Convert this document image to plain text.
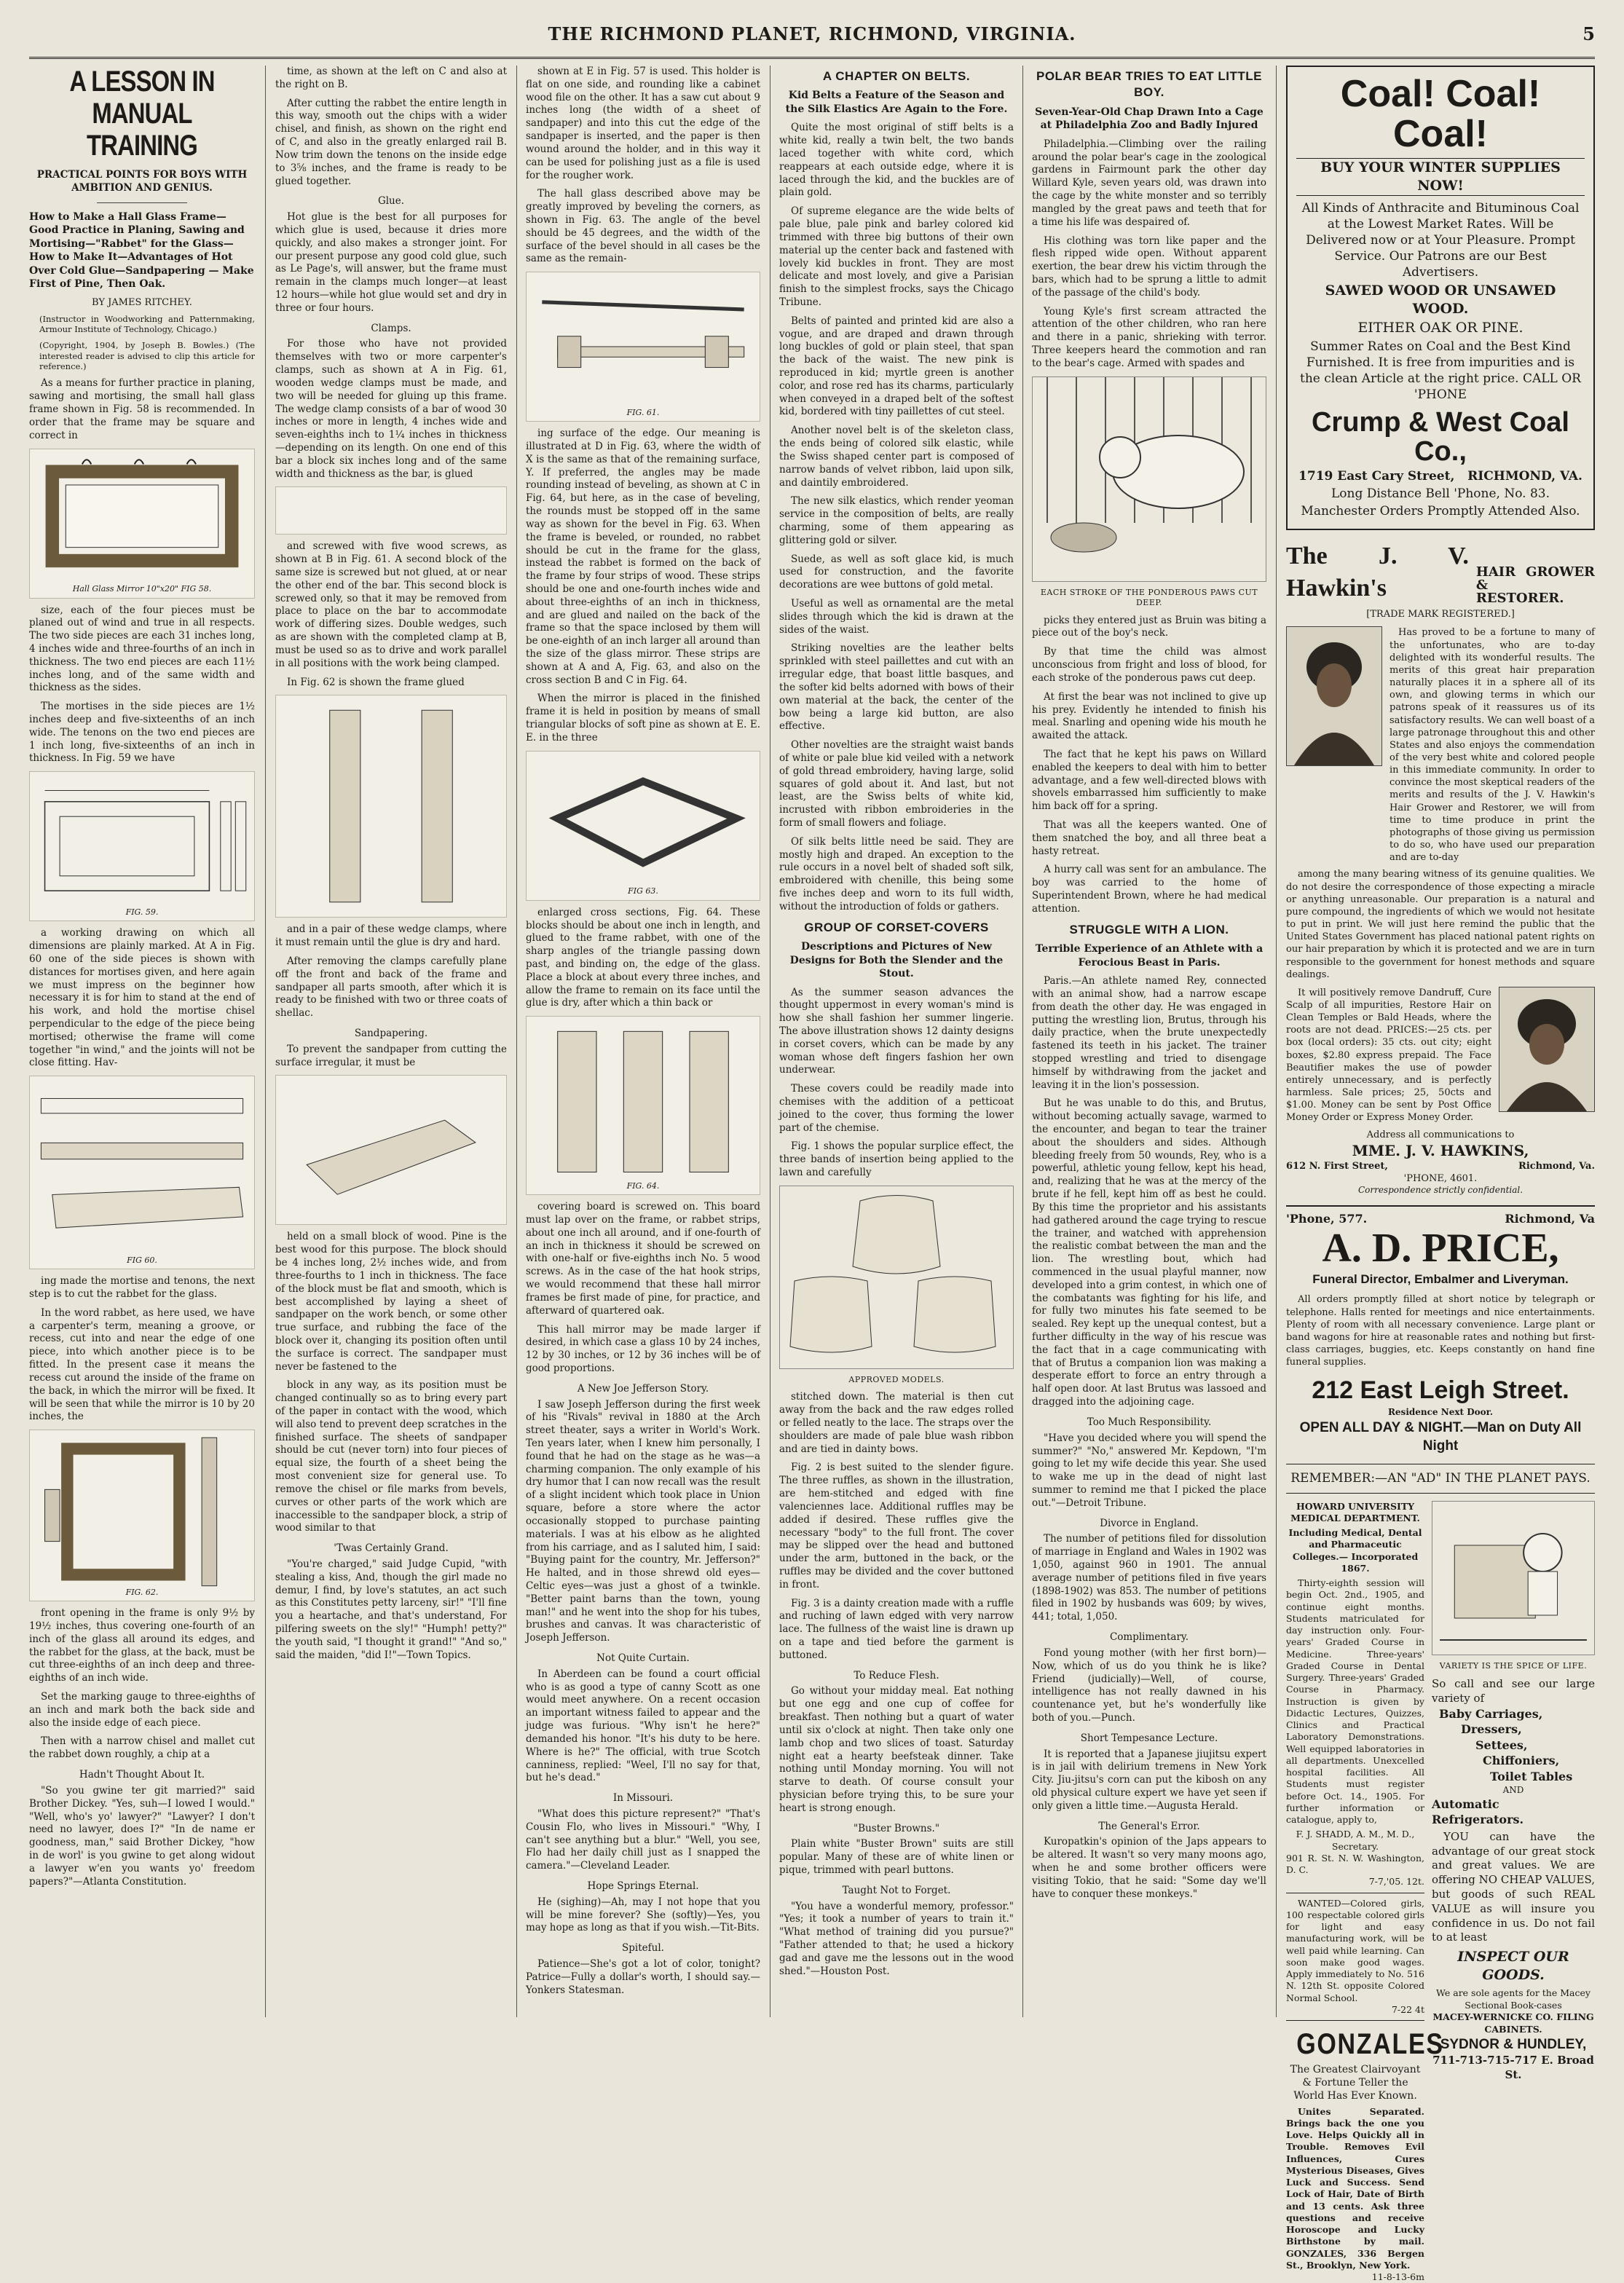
THE RICHMOND PLANET, RICHMOND, VIRGINIA.	5
A LESSON IN MANUAL TRAINING
PRACTICAL POINTS FOR BOYS WITH AMBITION AND GENIUS.
How to Make a Hall Glass Frame—Good Practice in Planing, Sawing and Mortising—"Rabbet" for the Glass—How to Make It—Advantages of Hot Over Cold Glue—Sandpapering — Make First of Pine, Then Oak.
BY JAMES RITCHEY.
(Instructor in Woodworking and Patternmaking, Armour Institute of Technology, Chicago.)
(Copyright, 1904, by Joseph B. Bowles.) (The interested reader is advised to clip this article for reference.)

As a means for further practice in planing, sawing and mortising, the small hall glass frame shown in Fig. 58 is recommended. In order that the frame may be square and correct in

Hall Glass Mirror 10"x20" FIG 58.

size, each of the four pieces must be planed out of wind and true in all respects. The two side pieces are each 31 inches long, 4 inches wide and three-fourths of an inch in thickness. The two end pieces are each 11½ inches long, and of the same width and thickness as the sides.

The mortises in the side pieces are 1½ inches deep and five-sixteenths of an inch wide. The tenons on the two end pieces are 1 inch long, five-sixteenths of an inch in thickness. In Fig. 59 we have

FIG. 59.

a working drawing on which all dimensions are plainly marked. At A in Fig. 60 one of the side pieces is shown with distances for mortises given, and here again we must impress on the beginner how necessary it is for him to stand at the end of his work, and hold the mortise chisel perpendicular to the edge of the piece being mortised; otherwise the frame will come together "in wind," and the joints will not be close fitting. Hav-

FIG 60.

ing made the mortise and tenons, the next step is to cut the rabbet for the glass.

In the word rabbet, as here used, we have a carpenter's term, meaning a groove, or recess, cut into and near the edge of one piece, into which another piece is to be fitted. In the present case it means the recess cut around the inside of the frame on the back, in which the mirror will be fixed. It will be seen that while the mirror is 10 by 20 inches, the

FIG. 62.

front opening in the frame is only 9½ by 19½ inches, thus covering one-fourth of an inch of the glass all around its edges, and the rabbet for the glass, at the back, must be cut three-eighths of an inch deep and three-eighths of an inch wide.

Set the marking gauge to three-eighths of an inch and mark both the back side and also the inside edge of each piece.

Then with a narrow chisel and mallet cut the rabbet down roughly, a chip at a

Hadn't Thought About It.

"So you gwine ter git married?" said Brother Dickey. "Yes, suh—I lowed I would." "Well, who's yo' lawyer?" "Lawyer? I don't need no lawyer, does I?" "In de name er goodness, man," said Brother Dickey, "how in de worl' is you gwine to get along widout a lawyer w'en you wants yo' freedom papers?"—Atlanta Constitution.

time, as shown at the left on C and also at the right on B.

After cutting the rabbet the entire length in this way, smooth out the chips with a wider chisel, and finish, as shown on the right end of C, and also in the greatly enlarged rail B. Now trim down the tenons on the inside edge to 3⅝ inches, and the frame is ready to be glued together.

Glue.

Hot glue is the best for all purposes for which glue is used, because it dries more quickly, and also makes a stronger joint. For our present purpose any good cold glue, such as Le Page's, will answer, but the frame must remain in the clamps much longer—at least 12 hours—while hot glue would set and dry in three or four hours.

Clamps.

For those who have not provided themselves with two or more carpenter's clamps, such as shown at A in Fig. 61, wooden wedge clamps must be made, and two will be needed for gluing up this frame. The wedge clamp consists of a bar of wood 30 inches or more in length, 4 inches wide and seven-eighths inch to 1¼ inches in thickness—depending on its length. On one end of this bar a block six inches long and of the same width and thickness as the bar, is glued

and screwed with five wood screws, as shown at B in Fig. 61. A second block of the same size is screwed but not glued, at or near the other end of the bar. This second block is screwed only, so that it may be removed from place to place on the bar to accommodate work of differing sizes. Double wedges, such as are shown with the completed clamp at B, must be used so as to drive and work parallel in all positions with the work being clamped.

In Fig. 62 is shown the frame glued

and in a pair of these wedge clamps, where it must remain until the glue is dry and hard.

After removing the clamps carefully plane off the front and back of the frame and sandpaper all parts smooth, after which it is ready to be finished with two or three coats of shellac.

Sandpapering.

To prevent the sandpaper from cutting the surface irregular, it must be

held on a small block of wood. Pine is the best wood for this purpose. The block should be 4 inches long, 2½ inches wide, and from three-fourths to 1 inch in thickness. The face of the block must be flat and smooth, which is best accomplished by laying a sheet of sandpaper on the work bench, or some other true surface, and rubbing the face of the block over it, changing its position often until the surface is correct. The sandpaper must never be fastened to the

block in any way, as its position must be changed continually so as to bring every part of the paper in contact with the wood, which will also tend to prevent deep scratches in the finished surface. The sheets of sandpaper should be cut (never torn) into four pieces of equal size, the fourth of a sheet being the most convenient size for general use. To remove the chisel or file marks from bevels, curves or other parts of the work which are inaccessible to the sandpaper block, a strip of wood similar to that

'Twas Certainly Grand.

"You're charged," said Judge Cupid, "with stealing a kiss, And, though the girl made no demur, I find, by love's statutes, an act such as this Constitutes petty larceny, sir!" "I'll fine you a heartache, and that's understand, For pilfering sweets on the sly!" "Humph! petty?" the youth said, "I thought it grand!" "And so," said the maiden, "did I!"—Town Topics.

shown at E in Fig. 57 is used. This holder is flat on one side, and rounding like a cabinet wood file on the other. It has a saw cut about 9 inches long (the width of a sheet of sandpaper) and into this cut the edge of the sandpaper is inserted, and the paper is then wound around the holder, and in this way it can be used for polishing just as a file is used for the rougher work.

The hall glass described above may be greatly improved by beveling the corners, as shown in Fig. 63. The angle of the bevel should be 45 degrees, and the width of the surface of the bevel should in all cases be the same as the remain-

FIG. 61.

ing surface of the edge. Our meaning is illustrated at D in Fig. 63, where the width of X is the same as that of the remaining surface, Y. If preferred, the angles may be made rounding instead of beveling, as shown at C in Fig. 64, but here, as in the case of beveling, the rounds must be stopped off in the same way as shown for the bevel in Fig. 63. When the frame is beveled, or rounded, no rabbet should be cut in the frame for the glass, instead the rabbet is formed on the back of the frame by four strips of wood. These strips should be one and one-fourth inches wide and about three-eighths of an inch in thickness, and are glued and nailed on the back of the frame so that the space inclosed by them will be one-eighth of an inch larger all around than the size of the glass mirror. These strips are shown at A and A, Fig. 63, and also on the cross section B and C in Fig. 64.

When the mirror is placed in the finished frame it is held in position by means of small triangular blocks of soft pine as shown at E. E. E. in the three

FIG 63.

enlarged cross sections, Fig. 64. These blocks should be about one inch in length, and glued to the frame rabbet, with one of the sharp angles of the triangle passing down past, and binding on, the edge of the glass. Place a block at about every three inches, and allow the frame to remain on its face until the glue is dry, after which a thin back or

FIG. 64.

covering board is screwed on. This board must lap over on the frame, or rabbet strips, about one inch all around, and if one-fourth of an inch in thickness it should be screwed on with one-half or five-eighths inch No. 5 wood screws. As in the case of the hat hook strips, we would recommend that these hall mirror frames be first made of pine, for practice, and afterward of quartered oak.

This hall mirror may be made larger if desired, in which case a glass 10 by 24 inches, 12 by 30 inches, or 12 by 36 inches will be of good proportions.

A New Joe Jefferson Story.

I saw Joseph Jefferson during the first week of his "Rivals" revival in 1880 at the Arch street theater, says a writer in World's Work. Ten years later, when I knew him personally, I found that he had on the stage as he was—a charming companion. The only example of his dry humor that I can now recall was the result of a slight incident which took place in Union square, before a store where the actor occasionally stopped to purchase painting materials. I was at his elbow as he alighted from his carriage, and as I saluted him, I said: "Buying paint for the country, Mr. Jefferson?" He halted, and in those shrewd old eyes—Celtic eyes—was just a ghost of a twinkle. "Better paint barns than the town, young man!" and he went into the shop for his tubes, brushes and canvas. It was characteristic of Joseph Jefferson.

Not Quite Curtain.

In Aberdeen can be found a court official who is as good a type of canny Scott as one would meet anywhere. On a recent occasion an important witness failed to appear and the judge was furious. "Why isn't he here?" demanded his honor. "It's his duty to be here. Where is he?" The official, with true Scotch canniness, replied: "Weel, I'll no say for that, but he's dead."

In Missouri.

"What does this picture represent?" "That's Cousin Flo, who lives in Missouri." "Why, I can't see anything but a blur." "Well, you see, Flo had her daily chill just as I snapped the camera."—Cleveland Leader.

Hope Springs Eternal.

He (sighing)—Ah, may I not hope that you will be mine forever? She (softly)—Yes, you may hope as long as that if you wish.—Tit-Bits.

Spiteful.

Patience—She's got a lot of color, tonight? Patrice—Fully a dollar's worth, I should say.—Yonkers Statesman.

A CHAPTER ON BELTS.
Kid Belts a Feature of the Season and the Silk Elastics Are Again to the Fore.

Quite the most original of stiff belts is a white kid, really a twin belt, the two bands laced together with white cord, which reappears at each outside edge, where it is laced through the kid, and the buckles are of plain gold.

Of supreme elegance are the wide belts of pale blue, pale pink and barley colored kid trimmed with three big buttons of their own material up the center back and fastened with lovely kid buckles in front. They are most delicate and most lovely, and give a Parisian finish to the simplest frocks, says the Chicago Tribune.

Belts of painted and printed kid are also a vogue, and are draped and drawn through long buckles of gold or plain steel, that span the back of the waist. The new pink is reproduced in kid; myrtle green is another color, and rose red has its charms, particularly when conveyed in a draped belt of the softest kid, bordered with tiny paillettes of cut steel.

Another novel belt is of the skeleton class, the ends being of colored silk elastic, while the Swiss shaped center part is composed of narrow bands of velvet ribbon, laid upon silk, and daintily embroidered.

The new silk elastics, which render yeoman service in the composition of belts, are really charming, some of them appearing as glittering gold or silver.

Suede, as well as soft glace kid, is much used for construction, and the favorite decorations are wee buttons of gold metal.

Useful as well as ornamental are the metal slides through which the kid is drawn at the sides of the waist.

Striking novelties are the leather belts sprinkled with steel paillettes and cut with an irregular edge, that boast little basques, and the softer kid belts adorned with bows of their own material at the back, the center of the bow being a large kid button, are also effective.

Other novelties are the straight waist bands of white or pale blue kid veiled with a network of gold thread embroidery, having large, solid squares of gold about it. And last, but not least, are the Swiss belts of white kid, incrusted with ribbon embroideries in the form of small flowers and foliage.

Of silk belts little need be said. They are mostly high and draped. An exception to the rule occurs in a novel belt of shaded soft silk, embroidered with chenille, this being some five inches deep and worn to its full width, without the introduction of folds or gathers.

GROUP OF CORSET-COVERS
Descriptions and Pictures of New Designs for Both the Slender and the Stout.

As the summer season advances the thought uppermost in every woman's mind is how she shall fashion her summer lingerie. The above illustration shows 12 dainty designs in corset covers, which can be made by any woman whose deft fingers fashion her own underwear.

These covers could be readily made into chemises with the addition of a petticoat joined to the cover, thus forming the lower part of the chemise.

Fig. 1 shows the popular surplice effect, the three bands of insertion being applied to the lawn and carefully

APPROVED MODELS.

stitched down. The material is then cut away from the back and the raw edges rolled or felled neatly to the lace. The straps over the shoulders are made of pale blue wash ribbon and are tied in dainty bows.

Fig. 2 is best suited to the slender figure. The three ruffles, as shown in the illustration, are hem-stitched and edged with fine valenciennes lace. Additional ruffles may be added if desired. These ruffles give the necessary "body" to the full front. The cover may be slipped over the head and buttoned under the arm, buttoned in the back, or the ruffles may be divided and the cover buttoned in front.

Fig. 3 is a dainty creation made with a ruffle and ruching of lawn edged with very narrow lace. The fullness of the waist line is drawn up on a tape and tied before the garment is buttoned.

To Reduce Flesh.

Go without your midday meal. Eat nothing but one egg and one cup of coffee for breakfast. Then nothing but a quart of water until six o'clock at night. Then take only one lamb chop and two slices of toast. Saturday night eat a hearty beefsteak dinner. Take nothing until Monday morning. You will not starve to death. Of course consult your physician before trying this, to be sure your heart is strong enough.

"Buster Browns."

Plain white "Buster Brown" suits are still popular. Many of these are of white linen or pique, trimmed with pearl buttons.

Taught Not to Forget.

"You have a wonderful memory, professor." "Yes; it took a number of years to train it." "What method of training did you pursue?" "Father attended to that; he used a hickory gad and gave me the lessons out in the wood shed."—Houston Post.

POLAR BEAR TRIES TO EAT LITTLE BOY.
Seven-Year-Old Chap Drawn Into a Cage at Philadelphia Zoo and Badly Injured

Philadelphia.—Climbing over the railing around the polar bear's cage in the zoological gardens in Fairmount park the other day Willard Kyle, seven years old, was drawn into the cage by the white monster and so terribly mangled by the great paws and teeth that for a time his life was despaired of.

His clothing was torn like paper and the flesh ripped wide open. Without apparent exertion, the bear drew his victim through the bars, which had to be sprung a little to admit of the passage of the child's body.

Young Kyle's first scream attracted the attention of the other children, who ran here and there in a panic, shrieking with terror. Three keepers heard the commotion and ran to the bear's cage. Armed with spades and

EACH STROKE OF THE PONDEROUS PAWS CUT DEEP.

picks they entered just as Bruin was biting a piece out of the boy's neck.

By that time the child was almost unconscious from fright and loss of blood, for each stroke of the ponderous paws cut deep.

At first the bear was not inclined to give up his prey. Evidently he intended to finish his meal. Snarling and opening wide his mouth he awaited the attack.

The fact that he kept his paws on Willard enabled the keepers to deal with him to better advantage, and a few well-directed blows with shovels embarrassed him sufficiently to make him back off for a spring.

That was all the keepers wanted. One of them snatched the boy, and all three beat a hasty retreat.

A hurry call was sent for an ambulance. The boy was carried to the home of Superintendent Brown, where he had medical attention.

STRUGGLE WITH A LION.
Terrible Experience of an Athlete with a Ferocious Beast in Paris.

Paris.—An athlete named Rey, connected with an animal show, had a narrow escape from death the other day. He was engaged in putting the wrestling lion, Brutus, through his daily practice, when the brute unexpectedly fastened its teeth in his jacket. The trainer stopped wrestling and tried to disengage himself by withdrawing from the jacket and leaving it in the lion's possession.

But he was unable to do this, and Brutus, without becoming actually savage, warmed to the encounter, and began to tear the trainer about the shoulders and sides. Although bleeding freely from 50 wounds, Rey, who is a powerful, athletic young fellow, kept his head, and, realizing that he was at the mercy of the brute if he fell, kept him off as best he could. By this time the proprietor and his assistants had gathered around the cage trying to rescue the trainer, and watched with apprehension the realistic combat between the man and the lion. The wrestling bout, which had commenced in the usual playful manner, now developed into a grim contest, in which one of the combatants was fighting for his life, and for fully two minutes his fate seemed to be sealed. Rey kept up the unequal contest, but a further difficulty in the way of his rescue was the fact that in a cage communicating with that of Brutus a companion lion was making a desperate effort to force an entry through a half open door. At last Brutus was lassoed and dragged into the adjoining cage.

Too Much Responsibility.

"Have you decided where you will spend the summer?" "No," answered Mr. Kepdown, "I'm going to let my wife decide this year. She used to wake me up in the dead of night last summer to remind me that I picked the place out."—Detroit Tribune.

Divorce in England.

The number of petitions filed for dissolution of marriage in England and Wales in 1902 was 1,050, against 960 in 1901. The annual average number of petitions filed in five years (1898-1902) was 853. The number of petitions filed in 1902 by husbands was 609; by wives, 441; total, 1,050.

Complimentary.

Fond young mother (with her first born)—Now, which of us do you think he is like? Friend (judicially)—Well, of course, intelligence has not really dawned in his countenance yet, but he's wonderfully like both of you.—Punch.

Short Tempesance Lecture.

It is reported that a Japanese jiujitsu expert is in jail with delirium tremens in New York City. Jiu-jitsu's corn can put the kibosh on any old physical culture expert we have yet seen if only given a little time.—Augusta Herald.

The General's Error.

Kuropatkin's opinion of the Japs appears to be altered. It wasn't so very many moons ago, when he and some brother officers were visiting Tokio, that he said: "Some day we'll have to conquer these monkeys."

Coal! Coal! Coal!

BUY YOUR WINTER SUPPLIES NOW!

All Kinds of Anthracite and Bituminous Coal at the Lowest Market Rates. Will be Delivered now or at Your Pleasure. Prompt Service. Our Patrons are our Best Advertisers.

SAWED WOOD OR UNSAWED WOOD.

EITHER OAK OR PINE.

Summer Rates on Coal and the Best Kind Furnished. It is free from impurities and is the clean Article at the right price. CALL OR 'PHONE

Crump & West Coal Co.,

1719 East Cary Street, RICHMOND, VA.

Long Distance Bell 'Phone, No. 83.

Manchester Orders Promptly Attended Also.

The J. V. Hawkin's
HAIR GROWER &
RESTORER.
[TRADE MARK REGISTERED.]

Has proved to be a fortune to many of the unfortunates, who are to-day delighted with its wonderful results. The merits of this great hair preparation naturally places it in a sphere all of its own, and glowing terms in which our patrons speak of it reassures us of its satisfactory results. We can well boast of a large patronage throughout this and other States and also enjoys the commendation of the very best white and colored people in this immediate community. In order to convince the most skeptical readers of the merits and results of the J. V. Hawkin's Hair Grower and Restorer, we will from time to time produce in print the photographs of those giving us permission to do so, who have used our preparation and are to-day

among the many bearing witness of its genuine qualities. We do not desire the correspondence of those expecting a miracle or anything unreasonable. Our preparation is a natural and pure compound, the ingredients of which we would not hesitate to put in print. We will just here remind the public that the United States Government has placed national patent rights on our hair preparation by which it is protected and we are in turn responsible to the government for honest methods and square dealings.

It will positively remove Dandruff, Cure Scalp of all impurities, Restore Hair on Clean Temples or Bald Heads, where the roots are not dead. PRICES:—25 cts. per box (local orders): 35 cts. out city; eight boxes, $2.80 express prepaid. The Face Beautifier makes the use of powder entirely unnecessary, and is perfectly harmless. Sale prices; 25, 50cts and $1.00. Money can be sent by Post Office Money Order or Express Money Order.

Address all communications to
MME. J. V. HAWKINS,
612 N. First Street,	Richmond, Va.
'PHONE, 4601.
Correspondence strictly confidential.
'Phone, 577.	Richmond, Va
A. D. PRICE,
Funeral Director, Embalmer and Liveryman.

All orders promptly filled at short notice by telegraph or telephone. Halls rented for meetings and nice entertainments. Plenty of room with all necessary convenience. Large plant or band wagons for hire at reasonable rates and nothing but first-class carriages, buggies, etc. Keeps constantly on hand fine funeral supplies.

212 East Leigh Street.
Residence Next Door.
OPEN ALL DAY & NIGHT.—Man on Duty All Night
REMEMBER:—AN "AD" IN THE PLANET PAYS.
HOWARD UNIVERSITY MEDICAL DEPARTMENT.
Including Medical, Dental and Pharmaceutic Colleges.— Incorporated 1867.

Thirty-eighth session will begin Oct. 2nd., 1905, and continue eight months. Students matriculated for day instruction only. Four-years' Graded Course in Medicine. Three-years' Graded Course in Dental Surgery. Three-years' Graded Course in Pharmacy. Instruction is given by Didactic Lectures, Quizzes, Clinics and Practical Laboratory Demonstrations. Well equipped laboratories in all departments. Unexcelled hospital facilities. All Students must register before Oct. 14., 1905. For further information or catalogue, apply to,

F. J. SHADD, A. M., M. D., Secretary.
901 R. St. N. W. Washington, D. C.
7-7,'05. 12t.

WANTED—Colored girls, 100 respectable colored girls for light and easy manufacturing work, will be well paid while learning. Can soon make good wages. Apply immediately to No. 516 N. 12th St. opposite Colored Normal School.

7-22 4t
GONZALES
The Greatest Clairvoyant & Fortune Teller the World Has Ever Known.

Unites Separated. Brings back the one you Love. Helps Quickly all in Trouble. Removes Evil Influences, Cures Mysterious Diseases, Gives Luck and Success. Send Lock of Hair, Date of Birth and 13 cents. Ask three questions and receive Horoscope and Lucky Birthstone by mail. GONZALES, 336 Bergen St., Brooklyn, New York.

11-8-13-6m
VARIETY IS THE SPICE OF LIFE.
So call and see our large variety of
Baby Carriages,
Dressers,
Settees,
Chiffoniers,
Toilet Tables
AND
Automatic Refrigerators.

YOU can have the advantage of our great stock and great values. We are offering NO CHEAP VALUES, but goods of such REAL VALUE as will insure you confidence in us. Do not fail to at least

INSPECT OUR GOODS.
We are sole agents for the Macey Sectional Book-cases
MACEY-WERNICKE CO. FILING CABINETS.
SYDNOR & HUNDLEY,
711-713-715-717 E. Broad St.
